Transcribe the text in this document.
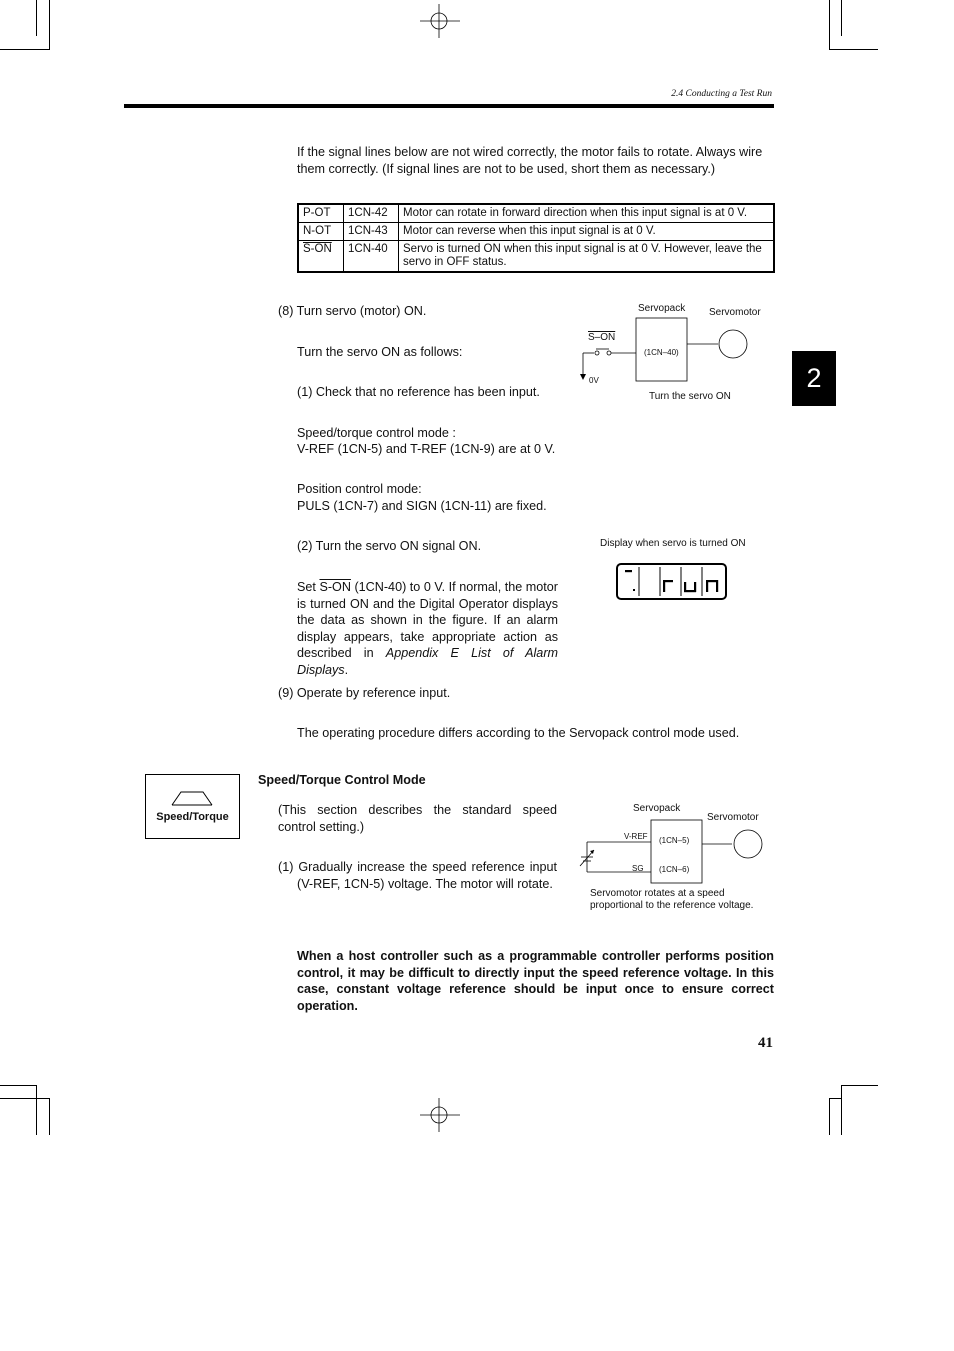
2.4 Conducting a Test Run
2
If the signal lines below are not wired correctly, the motor fails to rotate. Always wire them correctly. (If signal lines are not to be used, short them as necessary.)
P-OT	1CN-42	Motor can rotate in forward direction when this input signal is at 0 V.
N-OT	1CN-43	Motor can reverse when this input signal is at 0 V.
S-ON	1CN-40	Servo is turned ON when this input signal is at 0 V. However, leave the servo in OFF status.
(8) Turn servo (motor) ON.
Turn the servo ON as follows:
(1) Check that no reference has been input.
Speed/torque control mode :
V-REF (1CN-5) and T-REF (1CN-9) are at 0 V.
Position control mode:
PULS (1CN-7) and SIGN (1CN-11) are fixed.
(2) Turn the servo ON signal ON.
Set S-ON (1CN-40) to 0 V. If normal, the motor is turned ON and the Digital Operator displays the data as shown in the figure. If an alarm display appears, take appropriate action as described in Appendix E List of Alarm Displays.
Servopack Servomotor
S–ON
(1CN–40)
0V
Turn the servo ON
Display when servo is turned ON
(9) Operate by reference input.
The operating procedure differs according to the Servopack control mode used.
Speed/Torque
Speed/Torque Control Mode
(This section describes the standard speed control setting.)
(1) Gradually increase the speed reference input (V-REF, 1CN-5) voltage. The motor will rotate.
Servopack
Servomotor
V-REF (1CN–5)
SG (1CN–6)
Servomotor rotates at a speed
proportional to the reference voltage.
When a host controller such as a programmable controller performs position control, it may be difficult to directly input the speed reference voltage. In this case, constant voltage reference should be input once to ensure correct operation.
41
